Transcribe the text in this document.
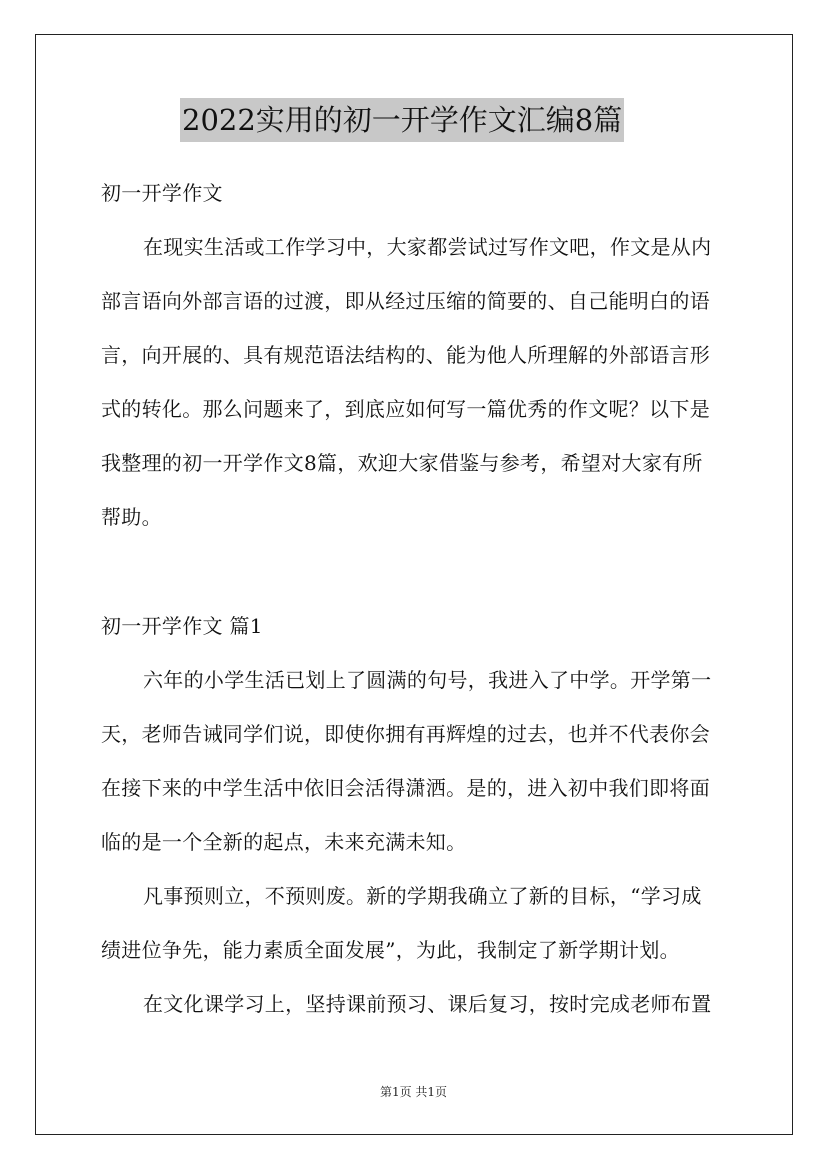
2022实用的初一开学作文汇编8篇
初一开学作文
在现实生活或工作学习中，大家都尝试过写作文吧，作文是从内
部言语向外部言语的过渡，即从经过压缩的简要的、自己能明白的语
言，向开展的、具有规范语法结构的、能为他人所理解的外部语言形
式的转化。那么问题来了，到底应如何写一篇优秀的作文呢？以下是
我整理的初一开学作文8篇，欢迎大家借鉴与参考，希望对大家有所
帮助。
初一开学作文 篇1
六年的小学生活已划上了圆满的句号，我进入了中学。开学第一
天，老师告诫同学们说，即使你拥有再辉煌的过去，也并不代表你会
在接下来的中学生活中依旧会活得潇洒。是的，进入初中我们即将面
临的是一个全新的起点，未来充满未知。
凡事预则立，不预则废。新的学期我确立了新的目标，“学习成
绩进位争先，能力素质全面发展”，为此，我制定了新学期计划。
在文化课学习上，坚持课前预习、课后复习，按时完成老师布置
第1页 共1页
